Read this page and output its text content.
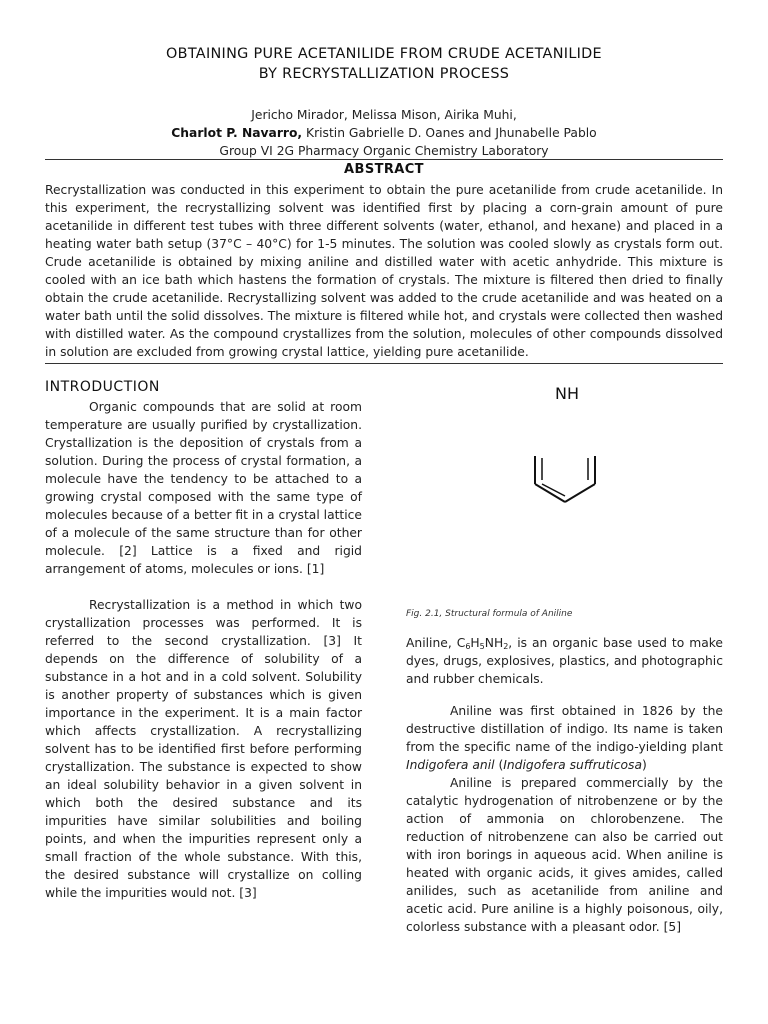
OBTAINING PURE ACETANILIDE FROM CRUDE ACETANILIDE
BY RECRYSTALLIZATION PROCESS
Jericho Mirador, Melissa Mison, Airika Muhi,
Charlot P. Navarro, Kristin Gabrielle D. Oanes and Jhunabelle Pablo
Group VI 2G Pharmacy Organic Chemistry Laboratory
ABSTRACT
Recrystallization was conducted in this experiment to obtain the pure acetanilide from crude acetanilide. In this experiment, the recrystallizing solvent was identified first by placing a corn-grain amount of pure acetanilide in different test tubes with three different solvents (water, ethanol, and hexane) and placed in a heating water bath setup (37°C – 40°C) for 1-5 minutes. The solution was cooled slowly as crystals form out. Crude acetanilide is obtained by mixing aniline and distilled water with acetic anhydride. This mixture is cooled with an ice bath which hastens the formation of crystals. The mixture is filtered then dried to finally obtain the crude acetanilide. Recrystallizing solvent was added to the crude acetanilide and was heated on a water bath until the solid dissolves. The mixture is filtered while hot, and crystals were collected then washed with distilled water. As the compound crystallizes from the solution, molecules of other compounds dissolved in solution are excluded from growing crystal lattice, yielding pure acetanilide.
INTRODUCTION

Organic compounds that are solid at room temperature are usually purified by crystallization. Crystallization is the deposition of crystals from a solution. During the process of crystal formation, a molecule have the tendency to be attached to a growing crystal composed with the same type of molecules because of a better fit in a crystal lattice of a molecule of the same structure than for other molecule. [2] Lattice is a fixed and rigid arrangement of atoms, molecules or ions. [1]

Recrystallization is a method in which two crystallization processes was performed. It is referred to the second crystallization. [3] It depends on the difference of solubility of a substance in a hot and in a cold solvent. Solubility is another property of substances which is given importance in the experiment. It is a main factor which affects crystallization. A recrystallizing solvent has to be identified first before performing crystallization. The substance is expected to show an ideal solubility behavior in a given solvent in which both the desired substance and its impurities have similar solubilities and boiling points, and when the impurities represent only a small fraction of the whole substance. With this, the desired substance will crystallize on colling while the impurities would not. [3]

NH
Fig. 2.1, Structural formula of Aniline

Aniline, $C_6H_5NH_2$, is an organic base used to make dyes, drugs, explosives, plastics, and photographic and rubber chemicals.

Aniline was first obtained in 1826 by the destructive distillation of indigo. Its name is taken from the specific name of the indigo-yielding plant Indigofera anil (Indigofera suffruticosa)

Aniline is prepared commercially by the catalytic hydrogenation of nitrobenzene or by the action of ammonia on chlorobenzene. The reduction of nitrobenzene can also be carried out with iron borings in aqueous acid. When aniline is heated with organic acids, it gives amides, called anilides, such as acetanilide from aniline and acetic acid. Pure aniline is a highly poisonous, oily, colorless substance with a pleasant odor. [5]
